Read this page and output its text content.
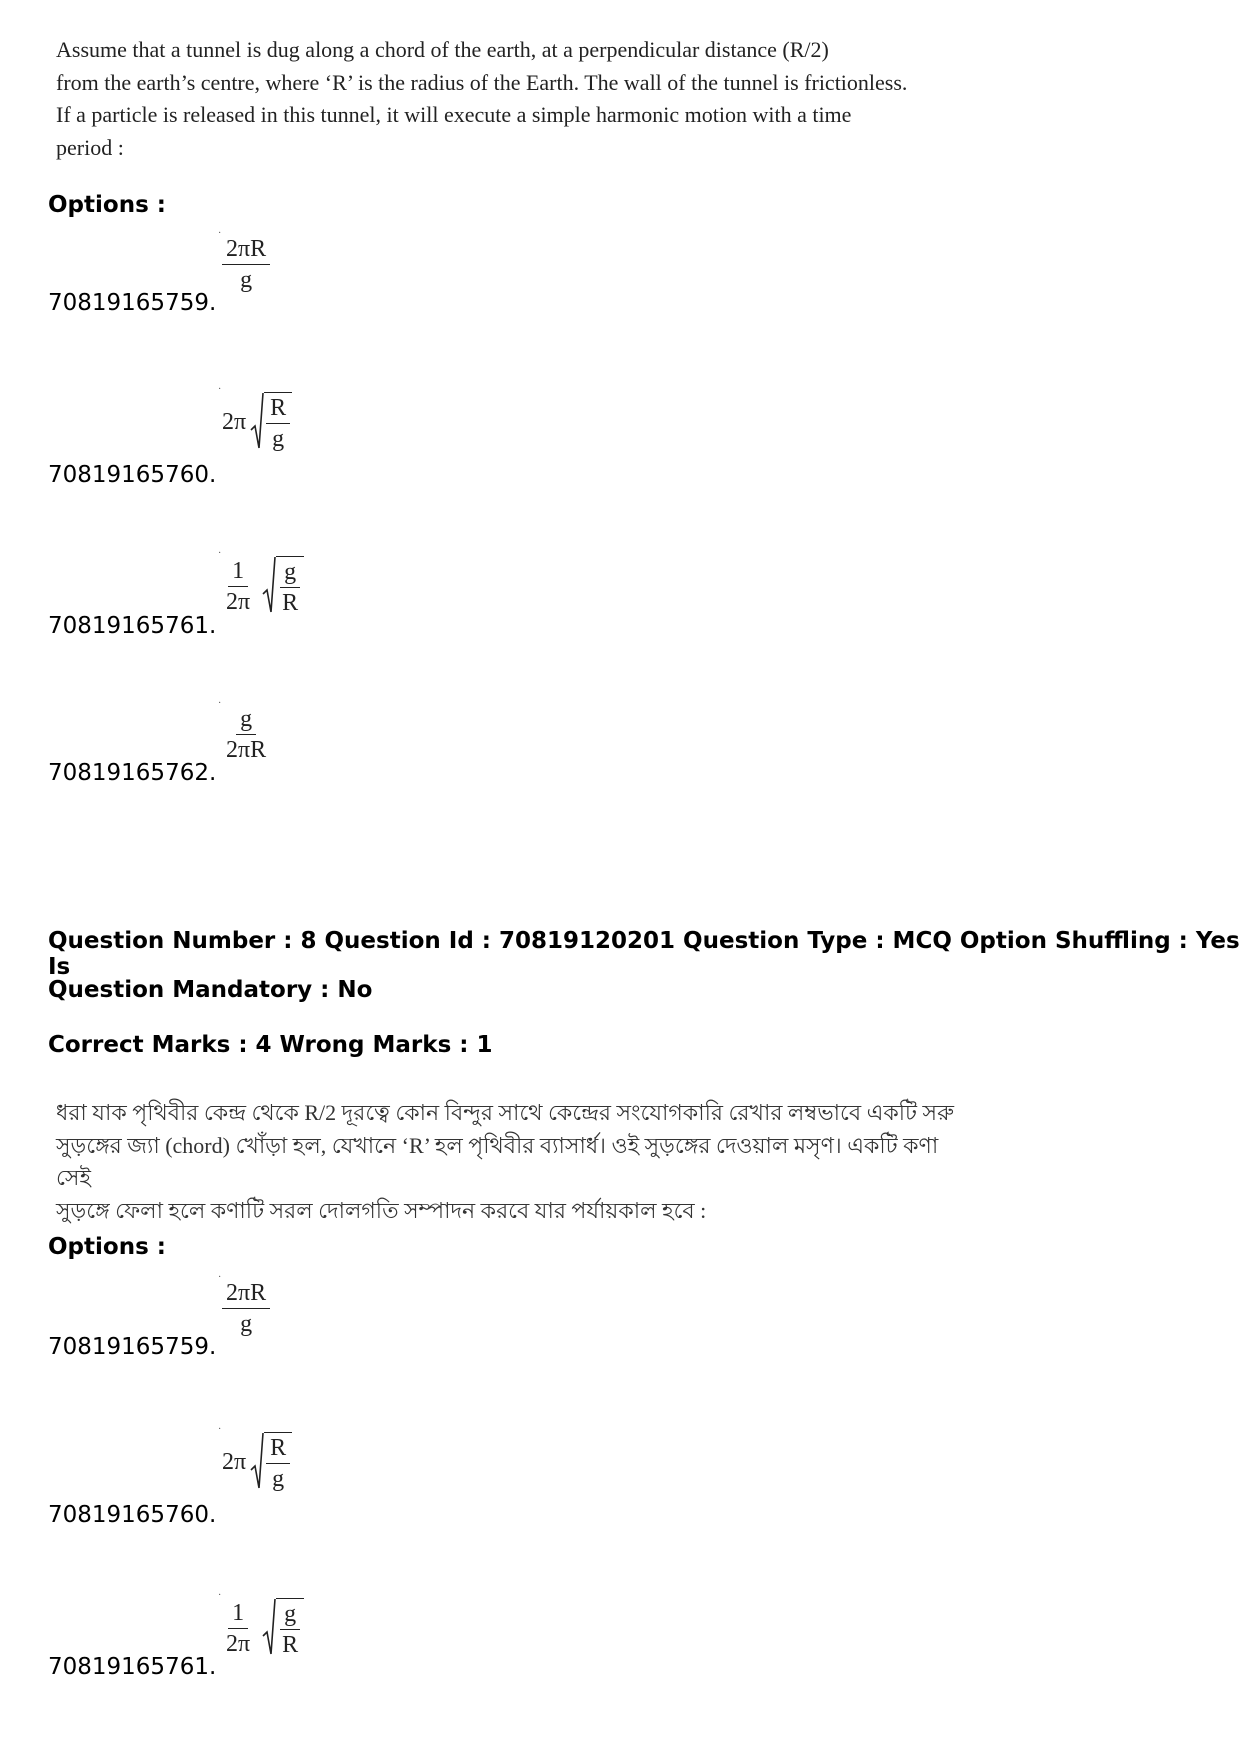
Assume that a tunnel is dug along a chord of the earth, at a perpendicular distance (R/2)
from the earth’s centre, where ‘R’ is the radius of the Earth. The wall of the tunnel is frictionless.
If a particle is released in this tunnel, it will execute a simple harmonic motion with a time
period :
Options :
70819165759.
·
$\frac{2\pi R}{g}$
70819165760.
·
$2\pi \frac{R}{g}$
70819165761.
·
$\frac{1}{2\pi} \frac{g}{R}$
70819165762.
·
$\frac{g}{2\pi R}$
Question Number : 8 Question Id : 70819120201 Question Type : MCQ Option Shuffling : Yes Is
Question Mandatory : No
Correct Marks : 4 Wrong Marks : 1
ধরা যাক পৃথিবীর কেন্দ্র থেকে R/2 দূরত্বে কোন বিন্দুর সাথে কেন্দ্রের সংযোগকারি রেখার লম্বভাবে একটি সরু
সুড়ঙ্গের জ্যা (chord) খোঁড়া হল, যেখানে ‘R’ হল পৃথিবীর ব্যাসার্ধ। ওই সুড়ঙ্গের দেওয়াল মসৃণ। একটি কণা সেই
সুড়ঙ্গে ফেলা হলে কণাটি সরল দোলগতি সম্পাদন করবে যার পর্যায়কাল হবে :
Options :
70819165759.
·
$\frac{2\pi R}{g}$
70819165760.
·
$2\pi \frac{R}{g}$
70819165761.
·
$\frac{1}{2\pi} \frac{g}{R}$
